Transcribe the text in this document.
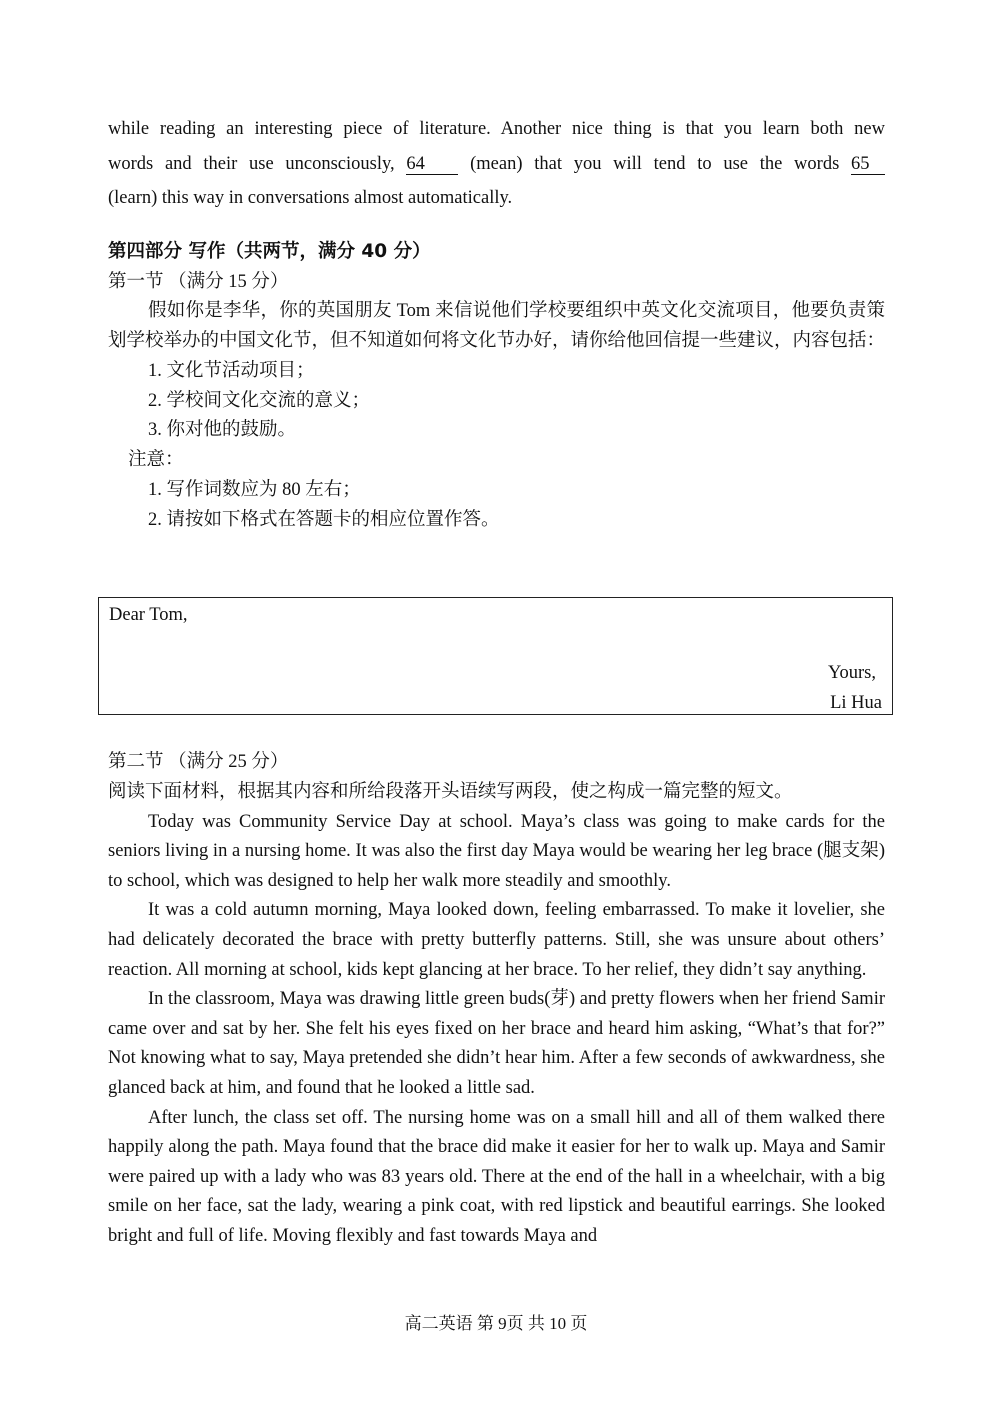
while reading an interesting piece of literature. Another nice thing is that you learn both new

words and their use unconsciously, 64 (mean) that you will tend to use the words 65

(learn) this way in conversations almost automatically.

第四部分 写作（共两节，满分 40 分）

第一节 （满分 15 分）

假如你是李华，你的英国朋友 Tom 来信说他们学校要组织中英文化交流项目，他要负责策划学校举办的中国文化节，但不知道如何将文化节办好，请你给他回信提一些建议，内容包括：

1. 文化节活动项目；

2. 学校间文化交流的意义；

3. 你对他的鼓励。

注意：

1. 写作词数应为 80 左右；

2. 请按如下格式在答题卡的相应位置作答。

Dear Tom,
Yours,
Li Hua

第二节 （满分 25 分）

阅读下面材料，根据其内容和所给段落开头语续写两段，使之构成一篇完整的短文。

Today was Community Service Day at school. Maya’s class was going to make cards for the seniors living in a nursing home. It was also the first day Maya would be wearing her leg brace (腿支架) to school, which was designed to help her walk more steadily and smoothly.

It was a cold autumn morning, Maya looked down, feeling embarrassed. To make it lovelier, she had delicately decorated the brace with pretty butterfly patterns. Still, she was unsure about others’ reaction. All morning at school, kids kept glancing at her brace. To her relief, they didn’t say anything.

In the classroom, Maya was drawing little green buds(芽) and pretty flowers when her friend Samir came over and sat by her. She felt his eyes fixed on her brace and heard him asking, “What’s that for?” Not knowing what to say, Maya pretended she didn’t hear him. After a few seconds of awkwardness, she glanced back at him, and found that he looked a little sad.

After lunch, the class set off. The nursing home was on a small hill and all of them walked there happily along the path. Maya found that the brace did make it easier for her to walk up. Maya and Samir were paired up with a lady who was 83 years old. There at the end of the hall in a wheelchair, with a big smile on her face, sat the lady, wearing a pink coat, with red lipstick and beautiful earrings. She looked bright and full of life. Moving flexibly and fast towards Maya and

高二英语 第 9页 共 10 页
